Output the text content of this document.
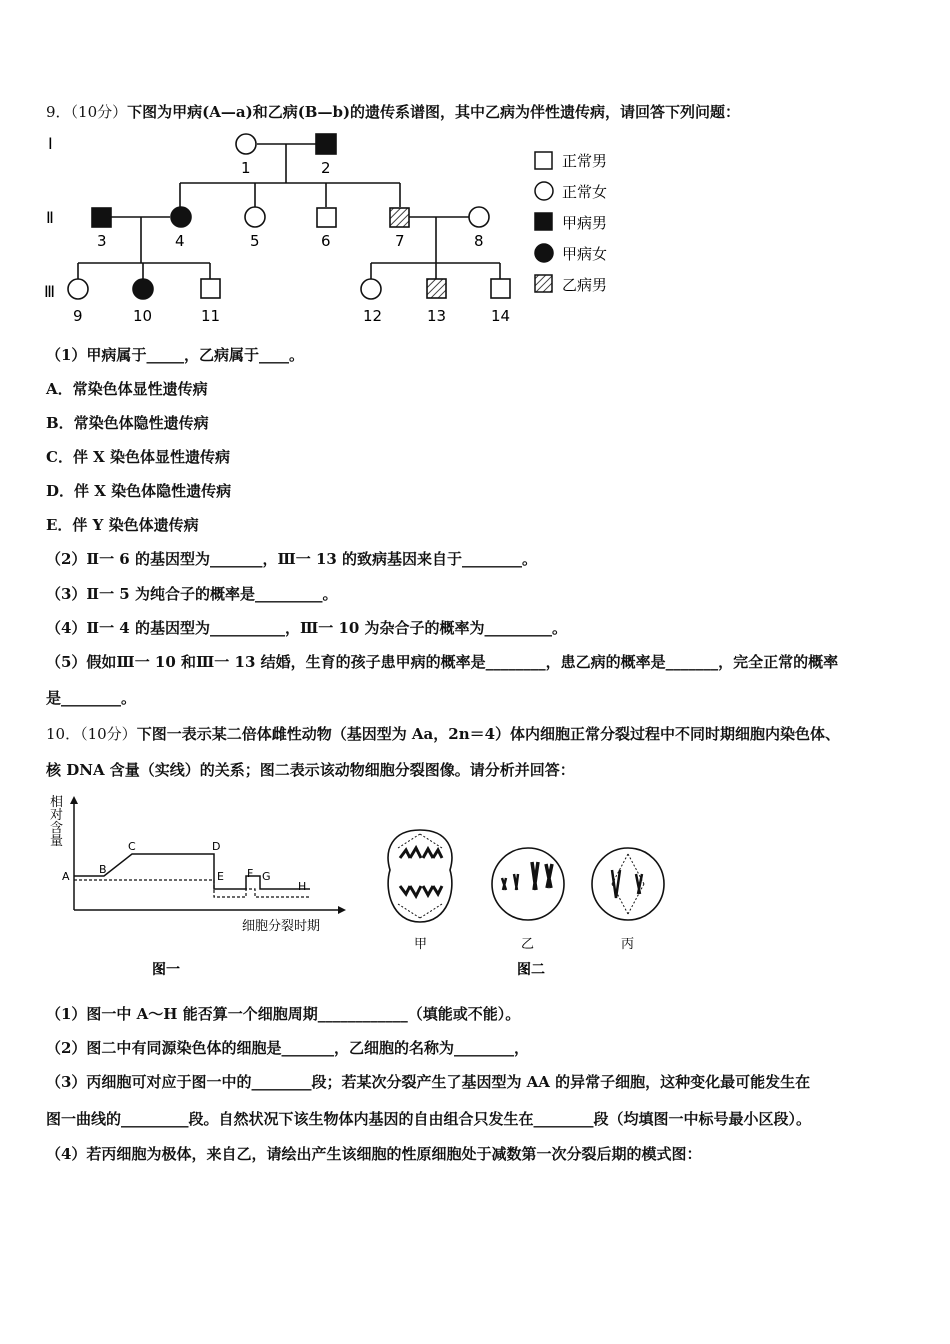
9．（10分）下图为甲病(A—a)和乙病(B—b)的遗传系谱图，其中乙病为伴性遗传病，请回答下列问题：
Ⅰ
Ⅱ
Ⅲ
1	2
3	4	5	6	7	8
9	10	11	12	13	14
正常男
正常女
甲病男
甲病女
乙病男
（1）甲病属于_____，乙病属于____。
A．常染色体显性遗传病
B．常染色体隐性遗传病
C．伴 X 染色体显性遗传病
D．伴 X 染色体隐性遗传病
E．伴 Y 染色体遗传病
（2）Ⅱ一 6 的基因型为_______，Ⅲ一 13 的致病基因来自于________。
（3）Ⅱ一 5 为纯合子的概率是_________。
（4）Ⅱ一 4 的基因型为__________，Ⅲ一 10 为杂合子的概率为_________。
（5）假如Ⅲ一 10 和Ⅲ一 13 结婚，生育的孩子患甲病的概率是________，患乙病的概率是_______，完全正常的概率
是________。
10．（10分）下图一表示某二倍体雌性动物（基因型为 Aa，2n＝4）体内细胞正常分裂过程中不同时期细胞内染色体、
核 DNA 含量（实线）的关系；图二表示该动物细胞分裂图像。请分析并回答：
相
对
含
量
A
B
C	D
E F G
H
细胞分裂时期
图一
甲	乙	丙
图二
（1）图一中 A～H 能否算一个细胞周期____________（填能或不能）。
（2）图二中有同源染色体的细胞是_______，乙细胞的名称为________，
（3）丙细胞可对应于图一中的________段；若某次分裂产生了基因型为 AA 的异常子细胞，这种变化最可能发生在
图一曲线的_________段。自然状况下该生物体内基因的自由组合只发生在________段（均填图一中标号最小区段）。
（4）若丙细胞为极体，来自乙，请绘出产生该细胞的性原细胞处于减数第一次分裂后期的模式图：
